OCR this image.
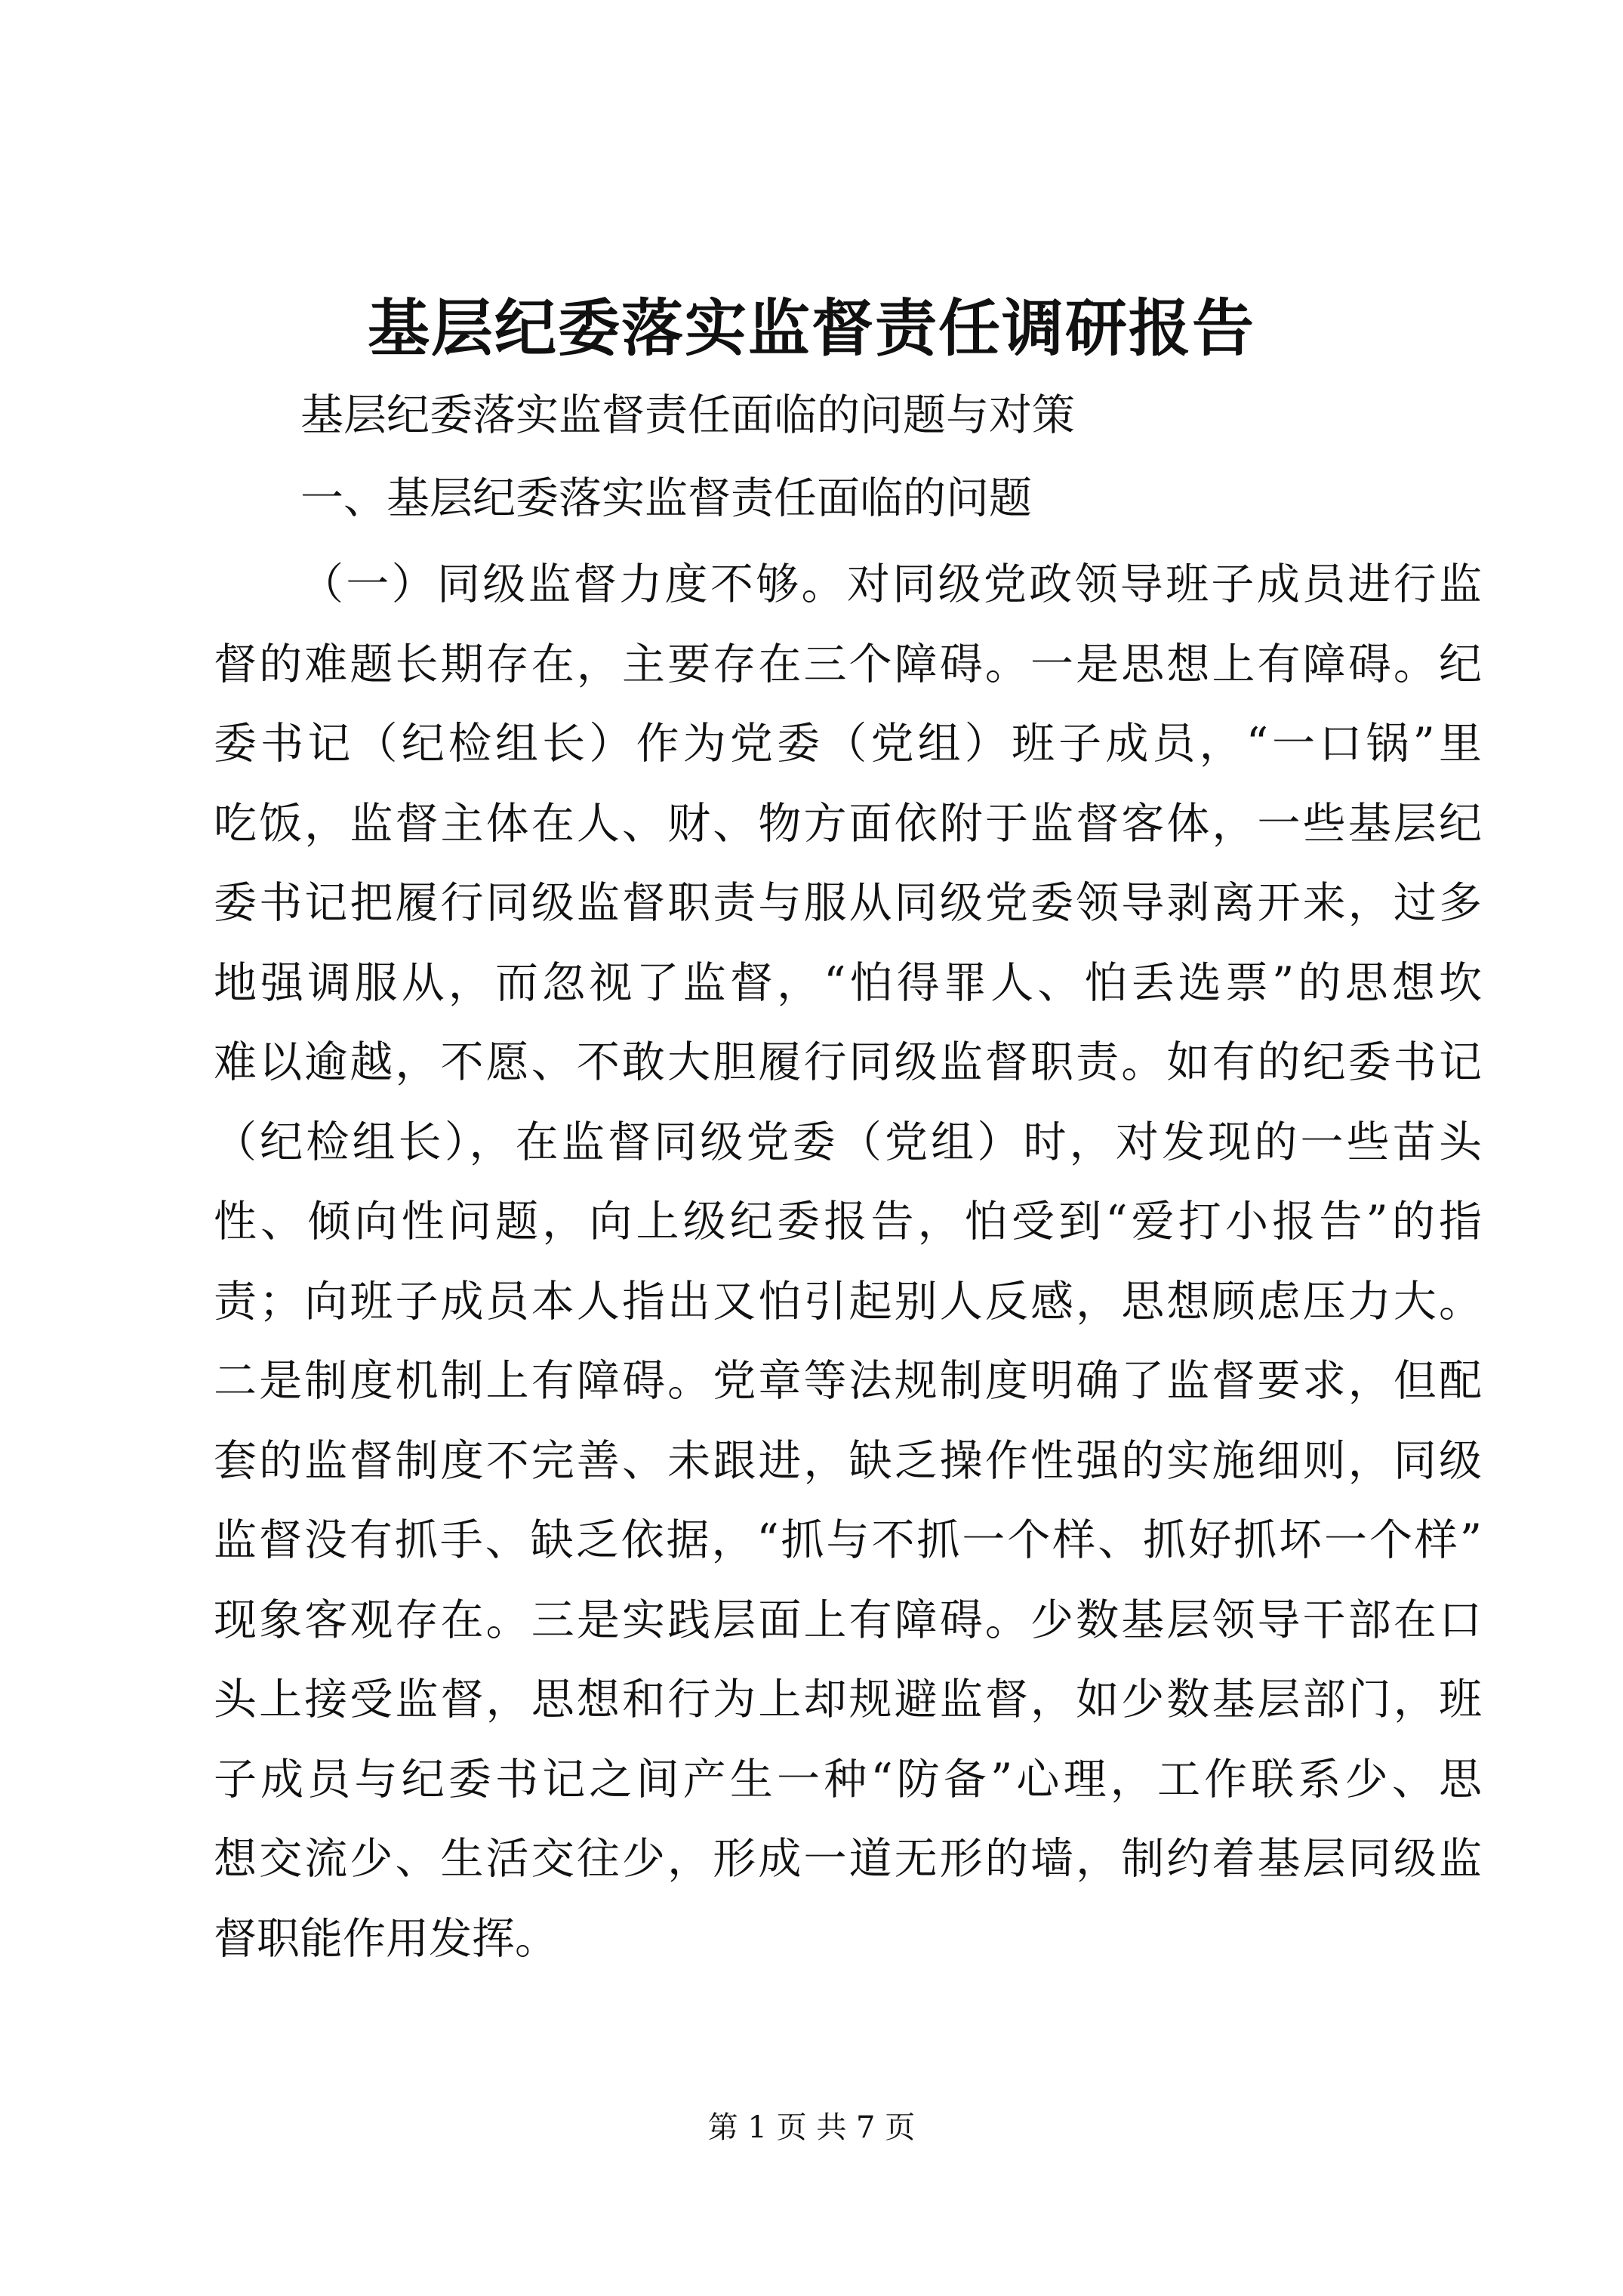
基层纪委落实监督责任调研报告

基层纪委落实监督责任面临的问题与对策

一、基层纪委落实监督责任面临的问题

（一）同级监督力度不够。对同级党政领导班子成员进行监
督的难题长期存在，主要存在三个障碍。一是思想上有障碍。纪
委书记（纪检组长）作为党委（党组）班子成员，“一口锅”里
吃饭，监督主体在人、财、物方面依附于监督客体，一些基层纪
委书记把履行同级监督职责与服从同级党委领导剥离开来，过多
地强调服从，而忽视了监督，“怕得罪人、怕丢选票”的思想坎
难以逾越，不愿、不敢大胆履行同级监督职责。如有的纪委书记
（纪检组长），在监督同级党委（党组）时，对发现的一些苗头
性、倾向性问题，向上级纪委报告，怕受到“爱打小报告”的指
责；向班子成员本人指出又怕引起别人反感，思想顾虑压力大。
二是制度机制上有障碍。党章等法规制度明确了监督要求，但配
套的监督制度不完善、未跟进，缺乏操作性强的实施细则，同级
监督没有抓手、缺乏依据，“抓与不抓一个样、抓好抓坏一个样”
现象客观存在。三是实践层面上有障碍。少数基层领导干部在口
头上接受监督，思想和行为上却规避监督，如少数基层部门，班
子成员与纪委书记之间产生一种“防备”心理，工作联系少、思
想交流少、生活交往少，形成一道无形的墙，制约着基层同级监
督职能作用发挥。
第 1 页 共 7 页
